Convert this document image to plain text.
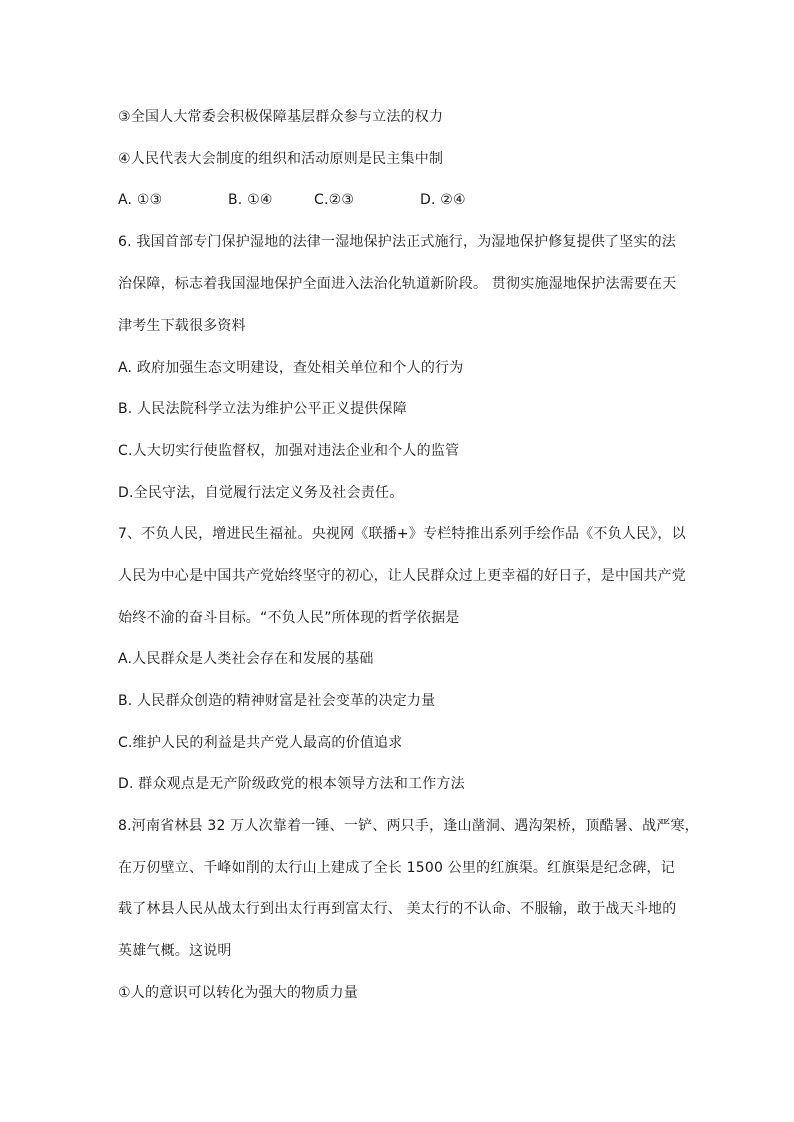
③全国人大常委会积极保障基层群众参与立法的权力
④人民代表大会制度的组织和活动原则是民主集中制
A. ①③	B. ①④	C.②③	D. ②④
6. 我国首部专门保护湿地的法律一湿地保护法正式施行，为湿地保护修复提供了坚实的法
治保障，标志着我国湿地保护全面进入法治化轨道新阶段。 贯彻实施湿地保护法需要在天
津考生下载很多资料
A. 政府加强生态文明建设，查处相关单位和个人的行为
B. 人民法院科学立法为维护公平正义提供保障
C.人大切实行使监督权，加强对违法企业和个人的监管
D.全民守法，自觉履行法定义务及社会责任。
7、不负人民，增进民生福祉。央视网《联播+》专栏特推出系列手绘作品《不负人民》，以
人民为中心是中国共产党始终坚守的初心，让人民群众过上更幸福的好日子，是中国共产党
始终不渝的奋斗目标。“不负人民”所体现的哲学依据是
A.人民群众是人类社会存在和发展的基础
B. 人民群众创造的精神财富是社会变革的决定力量
C.维护人民的利益是共产党人最高的价值追求
D. 群众观点是无产阶级政党的根本领导方法和工作方法
8.河南省林县 32 万人次靠着一锤、一铲、两只手，逢山凿洞、遇沟架桥，顶酷暑、战严寒，
在万仞壁立、千峰如削的太行山上建成了全长 1500 公里的红旗渠。红旗渠是纪念碑，记
载了林县人民从战太行到出太行再到富太行、 美太行的不认命、不服输，敢于战天斗地的
英雄气概。这说明
①人的意识可以转化为强大的物质力量
